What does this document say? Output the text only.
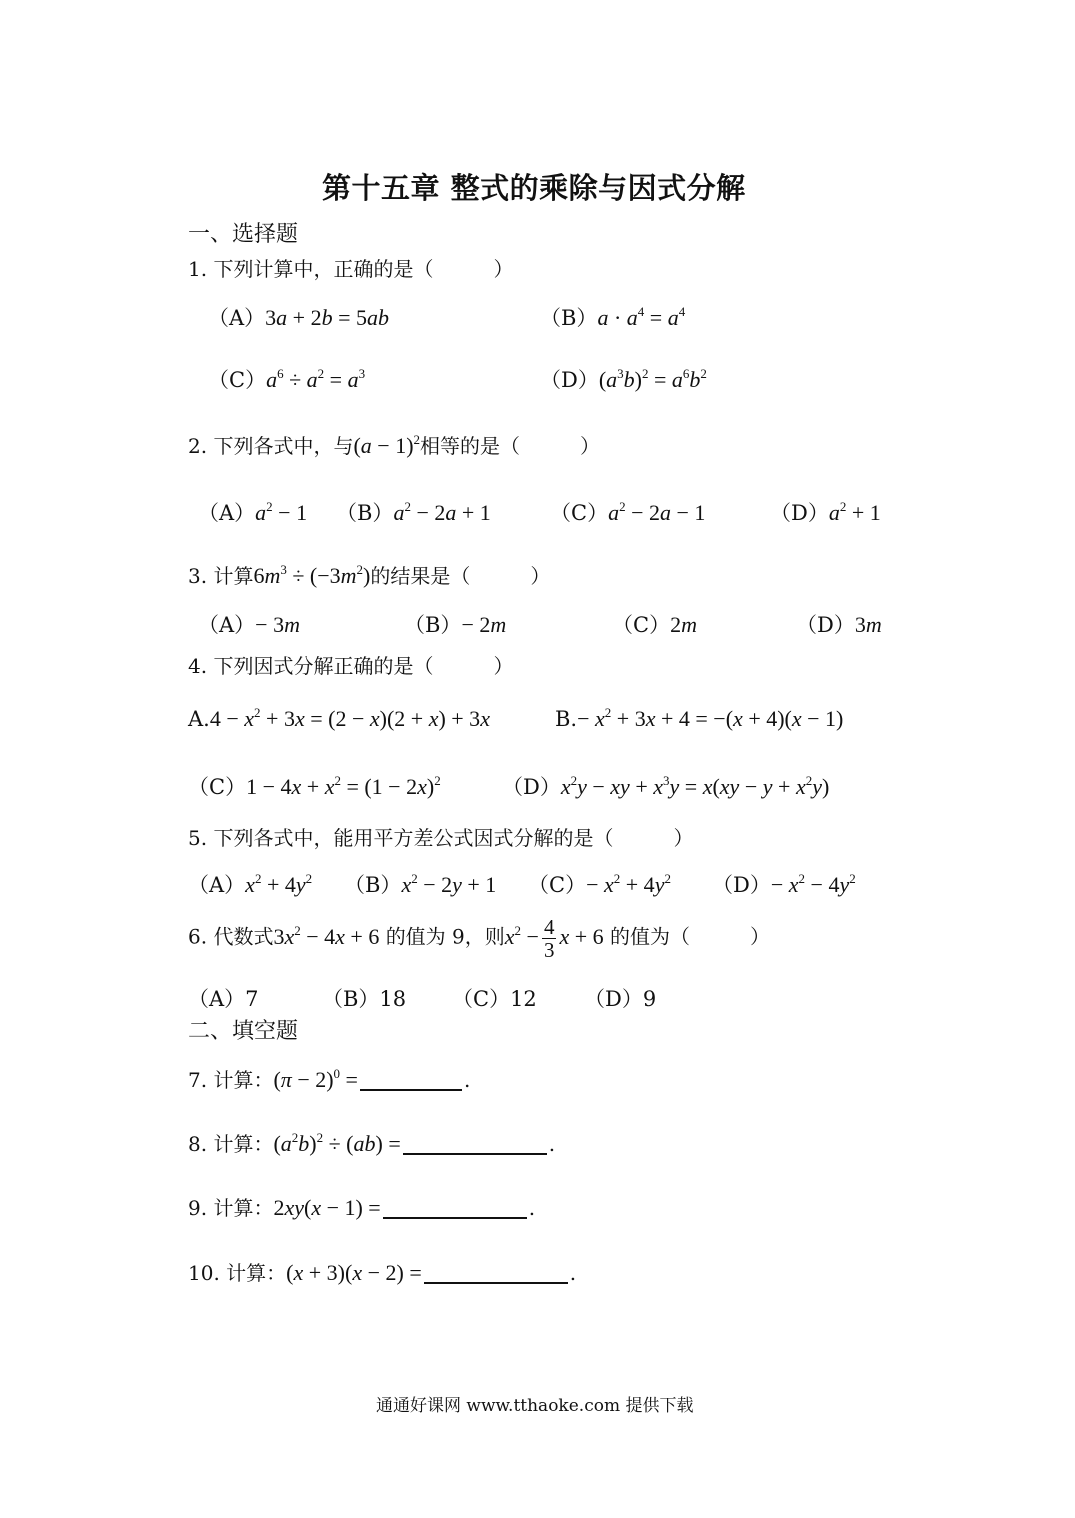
第十五章 整式的乘除与因式分解
一、选择题
1. 下列计算中，正确的是（　　　）
（A）3a + 2b = 5ab	$(B)a \cdot a^4 = a^4$
$(C)a^6 \div a^2 = a^3$	$(D)(a^3b)^2 = a^6b^2$
2. 下列各式中，与$(a - 1)^2$相等的是（　　　）
$(A)a^2 - 1$ $(B)a^2 - 2a + 1$	$(C)a^2 - 2a - 1$	$(D)a^2 + 1$
3. 计算$6m^3 \div (-3m^2)$的结果是（　　　）
（A）− 3m	（B）− 2m	（C）2m	（D）3m
4. 下列因式分解正确的是（　　　）
$A.4 - x^2 + 3x = (2 - x)(2 + x) + 3x$	$B.- x^2 + 3x + 4 = -(x + 4)(x - 1)$
$(C)1 - 4x + x^2 = (1 - 2x)^2$	$(D)x^2y$ − xy + $x^3y = x(xy - y + x^2y)$
5. 下列各式中，能用平方差公式因式分解的是（　　　）
$(A)x^2 + 4y^2$ $(B)x^2 - 2y + 1$ $(C)- x^2 + 4y^2$ $(D)- x^2 - 4y^2$
6. 代数式$3x^2 - 4x + 6$ 的值为 9，则$x^2 - \frac{4}{3}$ x + 6 的值为（　　　）
（A）7	（B）18 （C）12 （D）9
二、填空题
7. 计算：$(\pi - 2)^0$ =	.
8. 计算：$(a^2b)^2 \div (ab)$ =	.
9. 计算：2xy(x − 1) =	.
10. 计算：(x + 3)(x − 2) =	.
通通好课网 www.tthaoke.com 提供下载
